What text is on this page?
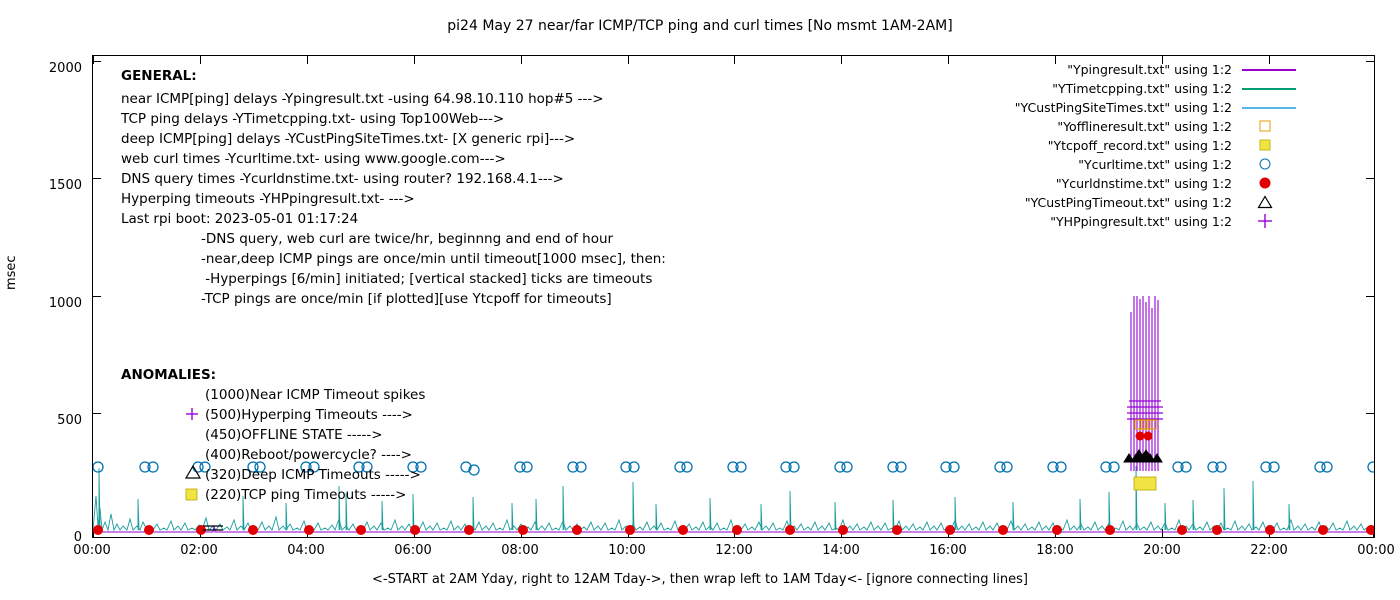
pi24 May 27 near/far ICMP/TCP ping and curl times [No msmt 1AM-2AM]
msec
<-START at 2AM Yday, right to 12AM Tday->, then wrap left to 1AM Tday<- [ignore connecting lines]
2000
1500
1000
500
0
00:00	02:00	04:00	06:00	08:00	10:00	12:00	14:00	16:00	18:00	20:00	22:00	00:00
GENERAL:
near ICMP[ping] delays -Ypingresult.txt -using 64.98.10.110 hop#5 --->
TCP ping delays -YTimetcpping.txt- using Top100Web--->
deep ICMP[ping] delays -YCustPingSiteTimes.txt- [X generic rpi]--->
web curl times -Ycurltime.txt- using www.google.com--->
DNS query times -Ycurldnstime.txt- using router? 192.168.4.1--->
Hyperping timeouts -YHPpingresult.txt- --->
Last rpi boot: 2023-05-01 01:17:24
-DNS query, web curl are twice/hr, beginnng and end of hour
-near,deep ICMP pings are once/min until timeout[1000 msec], then:
-Hyperpings [6/min] initiated; [vertical stacked] ticks are timeouts
-TCP pings are once/min [if plotted][use Ytcpoff for timeouts]
ANOMALIES:
(1000)Near ICMP Timeout spikes
(500)Hyperping Timeouts ---->
(450)OFFLINE STATE ----->
(400)Reboot/powercycle? ---->
(320)Deep ICMP Timeouts ----->
(220)TCP ping Timeouts ----->
"Ypingresult.txt" using 1:2
"YTimetcpping.txt" using 1:2
"YCustPingSiteTimes.txt" using 1:2
"Yofflineresult.txt" using 1:2
"Ytcpoff_record.txt" using 1:2
"Ycurltime.txt" using 1:2
"Ycurldnstime.txt" using 1:2
"YCustPingTimeout.txt" using 1:2
"YHPpingresult.txt" using 1:2
